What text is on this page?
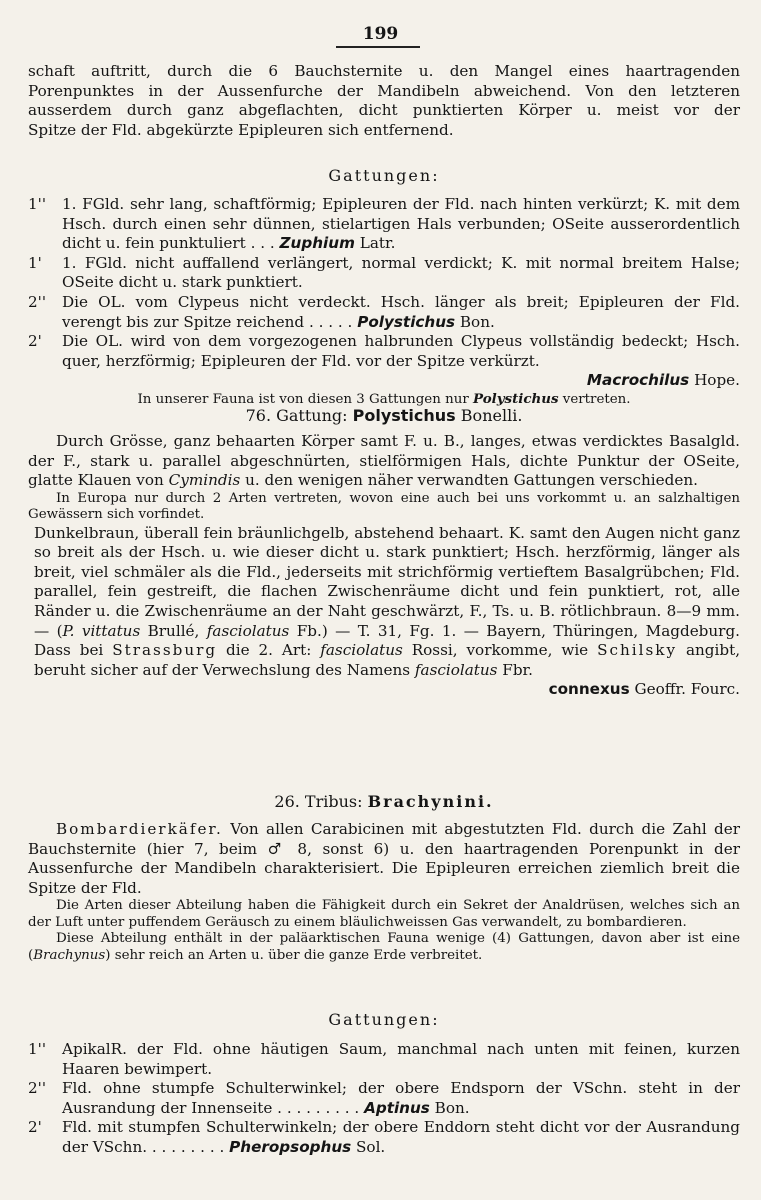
199

schaft auftritt, durch die 6 Bauchsternite u. den Mangel eines haartragenden

Porenpunktes in der Aussenfurche der Mandibeln abweichend. Von den letzteren

ausserdem durch ganz abgeflachten, dicht punktierten Körper u. meist vor der

Spitze der Fld. abgekürzte Epipleuren sich entfernend.

Gattungen:
1'' 1. FGld. sehr lang, schaftförmig; Epipleuren der Fld. nach hinten verkürzt; K. mit dem Hsch. durch einen sehr dünnen, stielartigen Hals verbunden; OSeite ausserordentlich dicht u. fein punktuliert . . . Zuphium Latr.
1' 1. FGld. nicht auffallend verlängert, normal verdickt; K. mit normal breitem Halse; OSeite dicht u. stark punktiert.
2'' Die OL. vom Clypeus nicht verdeckt. Hsch. länger als breit; Epipleuren der Fld. verengt bis zur Spitze reichend . . . . . Polystichus Bon.
2' Die OL. wird von dem vorgezogenen halbrunden Clypeus vollständig bedeckt; Hsch. quer, herzförmig; Epipleuren der Fld. vor der Spitze verkürzt.
Macrochilus Hope.

In unserer Fauna ist von diesen 3 Gattungen nur Polystichus vertreten.

76. Gattung: Polystichus Bonelli.

Durch Grösse, ganz behaarten Körper samt F. u. B., langes, etwas verdicktes Basalgld. der F., stark u. parallel abgeschnürten, stielförmigen Hals, dichte Punktur der OSeite, glatte Klauen von Cymindis u. den wenigen näher verwandten Gattungen verschieden.

In Europa nur durch 2 Arten vertreten, wovon eine auch bei uns vorkommt u. an salzhaltigen Gewässern sich vorfindet.

Dunkelbraun, überall fein bräunlichgelb, abstehend behaart. K. samt den Augen nicht ganz so breit als der Hsch. u. wie dieser dicht u. stark punktiert; Hsch. herzförmig, länger als breit, viel schmäler als die Fld., jederseits mit strichförmig vertieftem Basalgrübchen; Fld. parallel, fein gestreift, die flachen Zwischenräume dicht und fein punktiert, rot, alle Ränder u. die Zwischenräume an der Naht geschwärzt, F., Ts. u. B. rötlichbraun. 8—9 mm. — (P. vittatus Brullé, fasciolatus Fb.) — T. 31, Fg. 1. — Bayern, Thüringen, Magdeburg. Dass bei Strassburg die 2. Art: fasciolatus Rossi, vorkomme, wie Schilsky angibt, beruht sicher auf der Verwechslung des Namens fasciolatus Fbr.

connexus Geoffr. Fourc.
26. Tribus: Brachynini.

Bombardierkäfer. Von allen Carabicinen mit abgestutzten Fld. durch die Zahl der Bauchsternite (hier 7, beim ♂ 8, sonst 6) u. den haartragenden Porenpunkt in der Aussenfurche der Mandibeln charakterisiert. Die Epipleuren erreichen ziemlich breit die Spitze der Fld.

Die Arten dieser Abteilung haben die Fähigkeit durch ein Sekret der Analdrüsen, welches sich an der Luft unter puffendem Geräusch zu einem bläulichweissen Gas verwandelt, zu bombardieren.

Diese Abteilung enthält in der paläarktischen Fauna wenige (4) Gattungen, davon aber ist eine (Brachynus) sehr reich an Arten u. über die ganze Erde verbreitet.

Gattungen:
1'' ApikalR. der Fld. ohne häutigen Saum, manchmal nach unten mit feinen, kurzen Haaren bewimpert.
2'' Fld. ohne stumpfe Schulterwinkel; der obere Endsporn der VSchn. steht in der Ausrandung der Innenseite . . . . . . . . . Aptinus Bon.
2' Fld. mit stumpfen Schulterwinkeln; der obere Enddorn steht dicht vor der Ausrandung der VSchn. . . . . . . . . Pheropsophus Sol.
